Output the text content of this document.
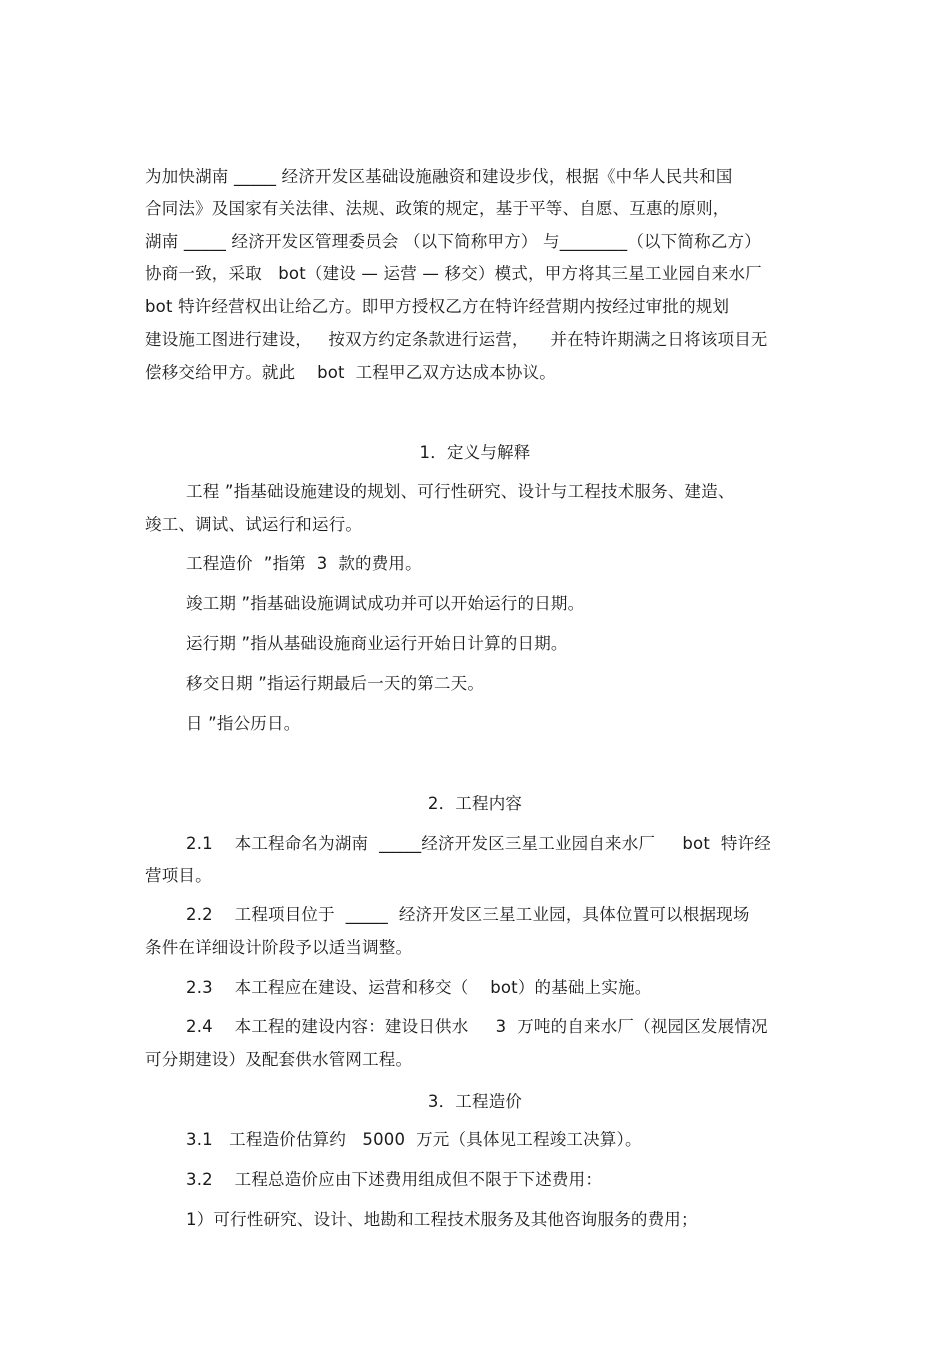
为加快湖南 _____ 经济开发区基础设施融资和建设步伐，根据《中华人民共和国
合同法》及国家有关法律、法规、政策的规定，基于平等、自愿、互惠的原则，
湖南 _____ 经济开发区管理委员会 （以下简称甲方） 与________（以下简称乙方）
协商一致，采取   bot（建设 — 运营 — 移交）模式，甲方将其三星工业园自来水厂
bot 特许经营权出让给乙方。即甲方授权乙方在特许经营期内按经过审批的规划
建设施工图进行建设，   按双方约定条款进行运营，    并在特许期满之日将该项目无
偿移交给甲方。就此    bot  工程甲乙双方达成本协议。
1．定义与解释
工程 ”指基础设施建设的规划、可行性研究、设计与工程技术服务、建造、
竣工、调试、试运行和运行。
工程造价  ”指第  3  款的费用。
竣工期 ”指基础设施调试成功并可以开始运行的日期。
运行期 ”指从基础设施商业运行开始日计算的日期。
移交日期 ”指运行期最后一天的第二天。
日 ”指公历日。
2．工程内容
2.1    本工程命名为湖南  _____经济开发区三星工业园自来水厂     bot  特许经
营项目。
2.2    工程项目位于  _____  经济开发区三星工业园，具体位置可以根据现场
条件在详细设计阶段予以适当调整。
2.3    本工程应在建设、运营和移交（    bot）的基础上实施。
2.4    本工程的建设内容：建设日供水     3  万吨的自来水厂（视园区发展情况
可分期建设）及配套供水管网工程。
3．工程造价
3.1   工程造价估算约   5000  万元（具体见工程竣工决算）。
3.2    工程总造价应由下述费用组成但不限于下述费用：
1）可行性研究、设计、地勘和工程技术服务及其他咨询服务的费用；
